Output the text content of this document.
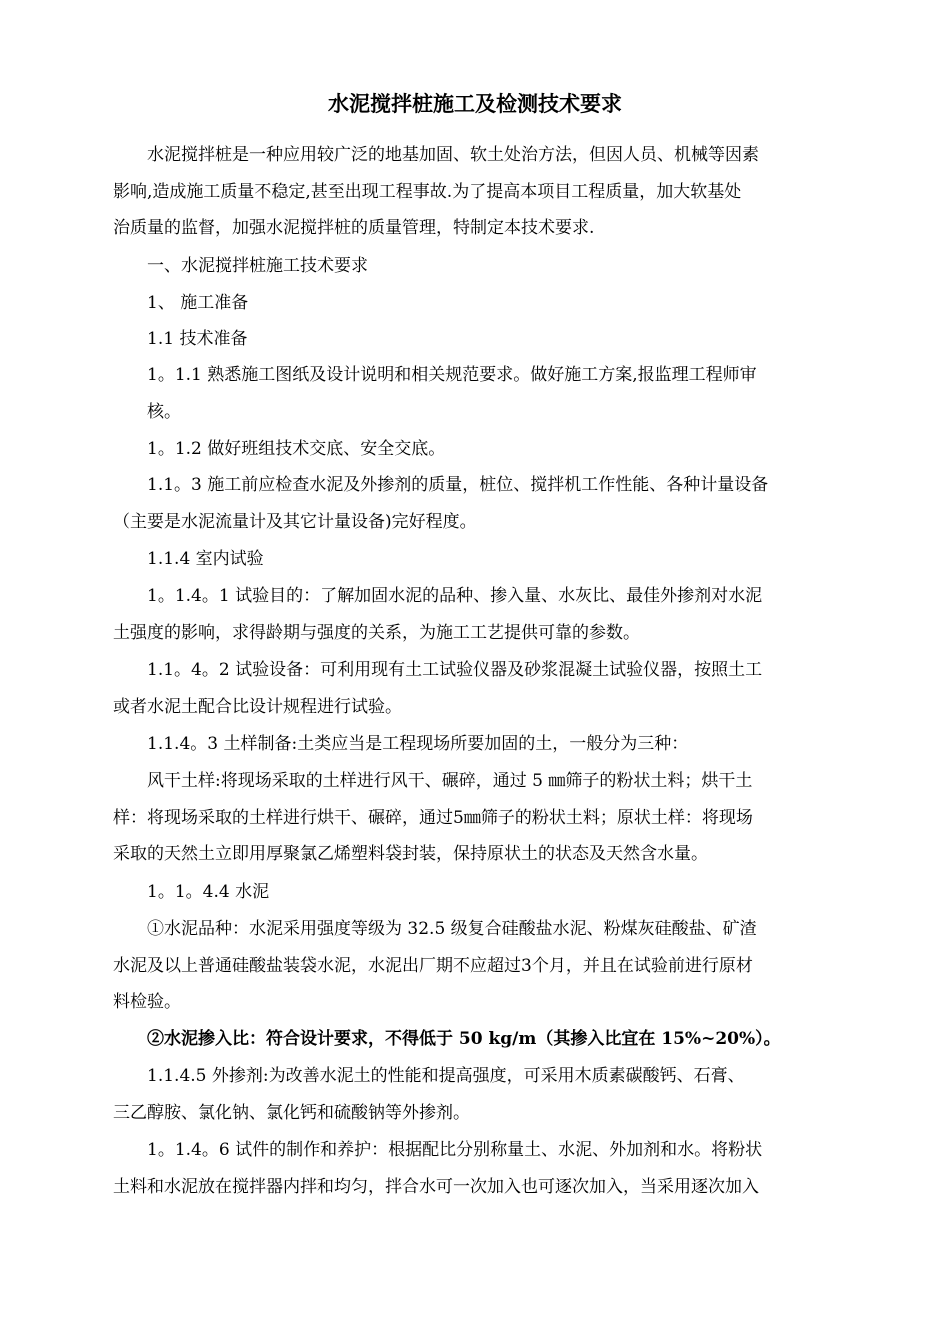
水泥搅拌桩施工及检测技术要求
　　水泥搅拌桩是一种应用较广泛的地基加固、软土处治方法，但因人员、机械等因素
影响,造成施工质量不稳定,甚至出现工程事故.为了提高本项目工程质量，加大软基处
治质量的监督，加强水泥搅拌桩的质量管理，特制定本技术要求.
　　一、水泥搅拌桩施工技术要求
　　1、 施工准备
　　1.1 技术准备
　　1。1.1 熟悉施工图纸及设计说明和相关规范要求。做好施工方案,报监理工程师审
　　核。
　　1。1.2 做好班组技术交底、安全交底。
　　1.1。3 施工前应检查水泥及外掺剂的质量，桩位、搅拌机工作性能、各种计量设备
（主要是水泥流量计及其它计量设备)完好程度。
　　1.1.4 室内试验
　　1。1.4。1 试验目的：了解加固水泥的品种、掺入量、水灰比、最佳外掺剂对水泥
土强度的影响，求得龄期与强度的关系，为施工工艺提供可靠的参数。
　　1.1。4。2 试验设备：可利用现有土工试验仪器及砂浆混凝土试验仪器，按照土工
或者水泥土配合比设计规程进行试验。
　　1.1.4。3 土样制备:土类应当是工程现场所要加固的土，一般分为三种：
　　风干土样:将现场采取的土样进行风干、碾碎，通过 5 ㎜筛子的粉状土料；烘干土
样：将现场采取的土样进行烘干、碾碎，通过5㎜筛子的粉状土料；原状土样：将现场
采取的天然土立即用厚聚氯乙烯塑料袋封装，保持原状土的状态及天然含水量。
　　1。1。4.4 水泥
　　①水泥品种：水泥采用强度等级为 32.5 级复合硅酸盐水泥、粉煤灰硅酸盐、矿渣
水泥及以上普通硅酸盐装袋水泥，水泥出厂期不应超过3个月，并且在试验前进行原材
料检验。
　　②水泥掺入比：符合设计要求，不得低于 50 kg/m（其掺入比宜在 15%~20%）。
　　1.1.4.5 外掺剂:为改善水泥土的性能和提高强度，可采用木质素碳酸钙、石膏、
三乙醇胺、氯化钠、氯化钙和硫酸钠等外掺剂。
　　1。1.4。6 试件的制作和养护：根据配比分别称量土、水泥、外加剂和水。将粉状
土料和水泥放在搅拌器内拌和均匀，拌合水可一次加入也可逐次加入，当采用逐次加入
